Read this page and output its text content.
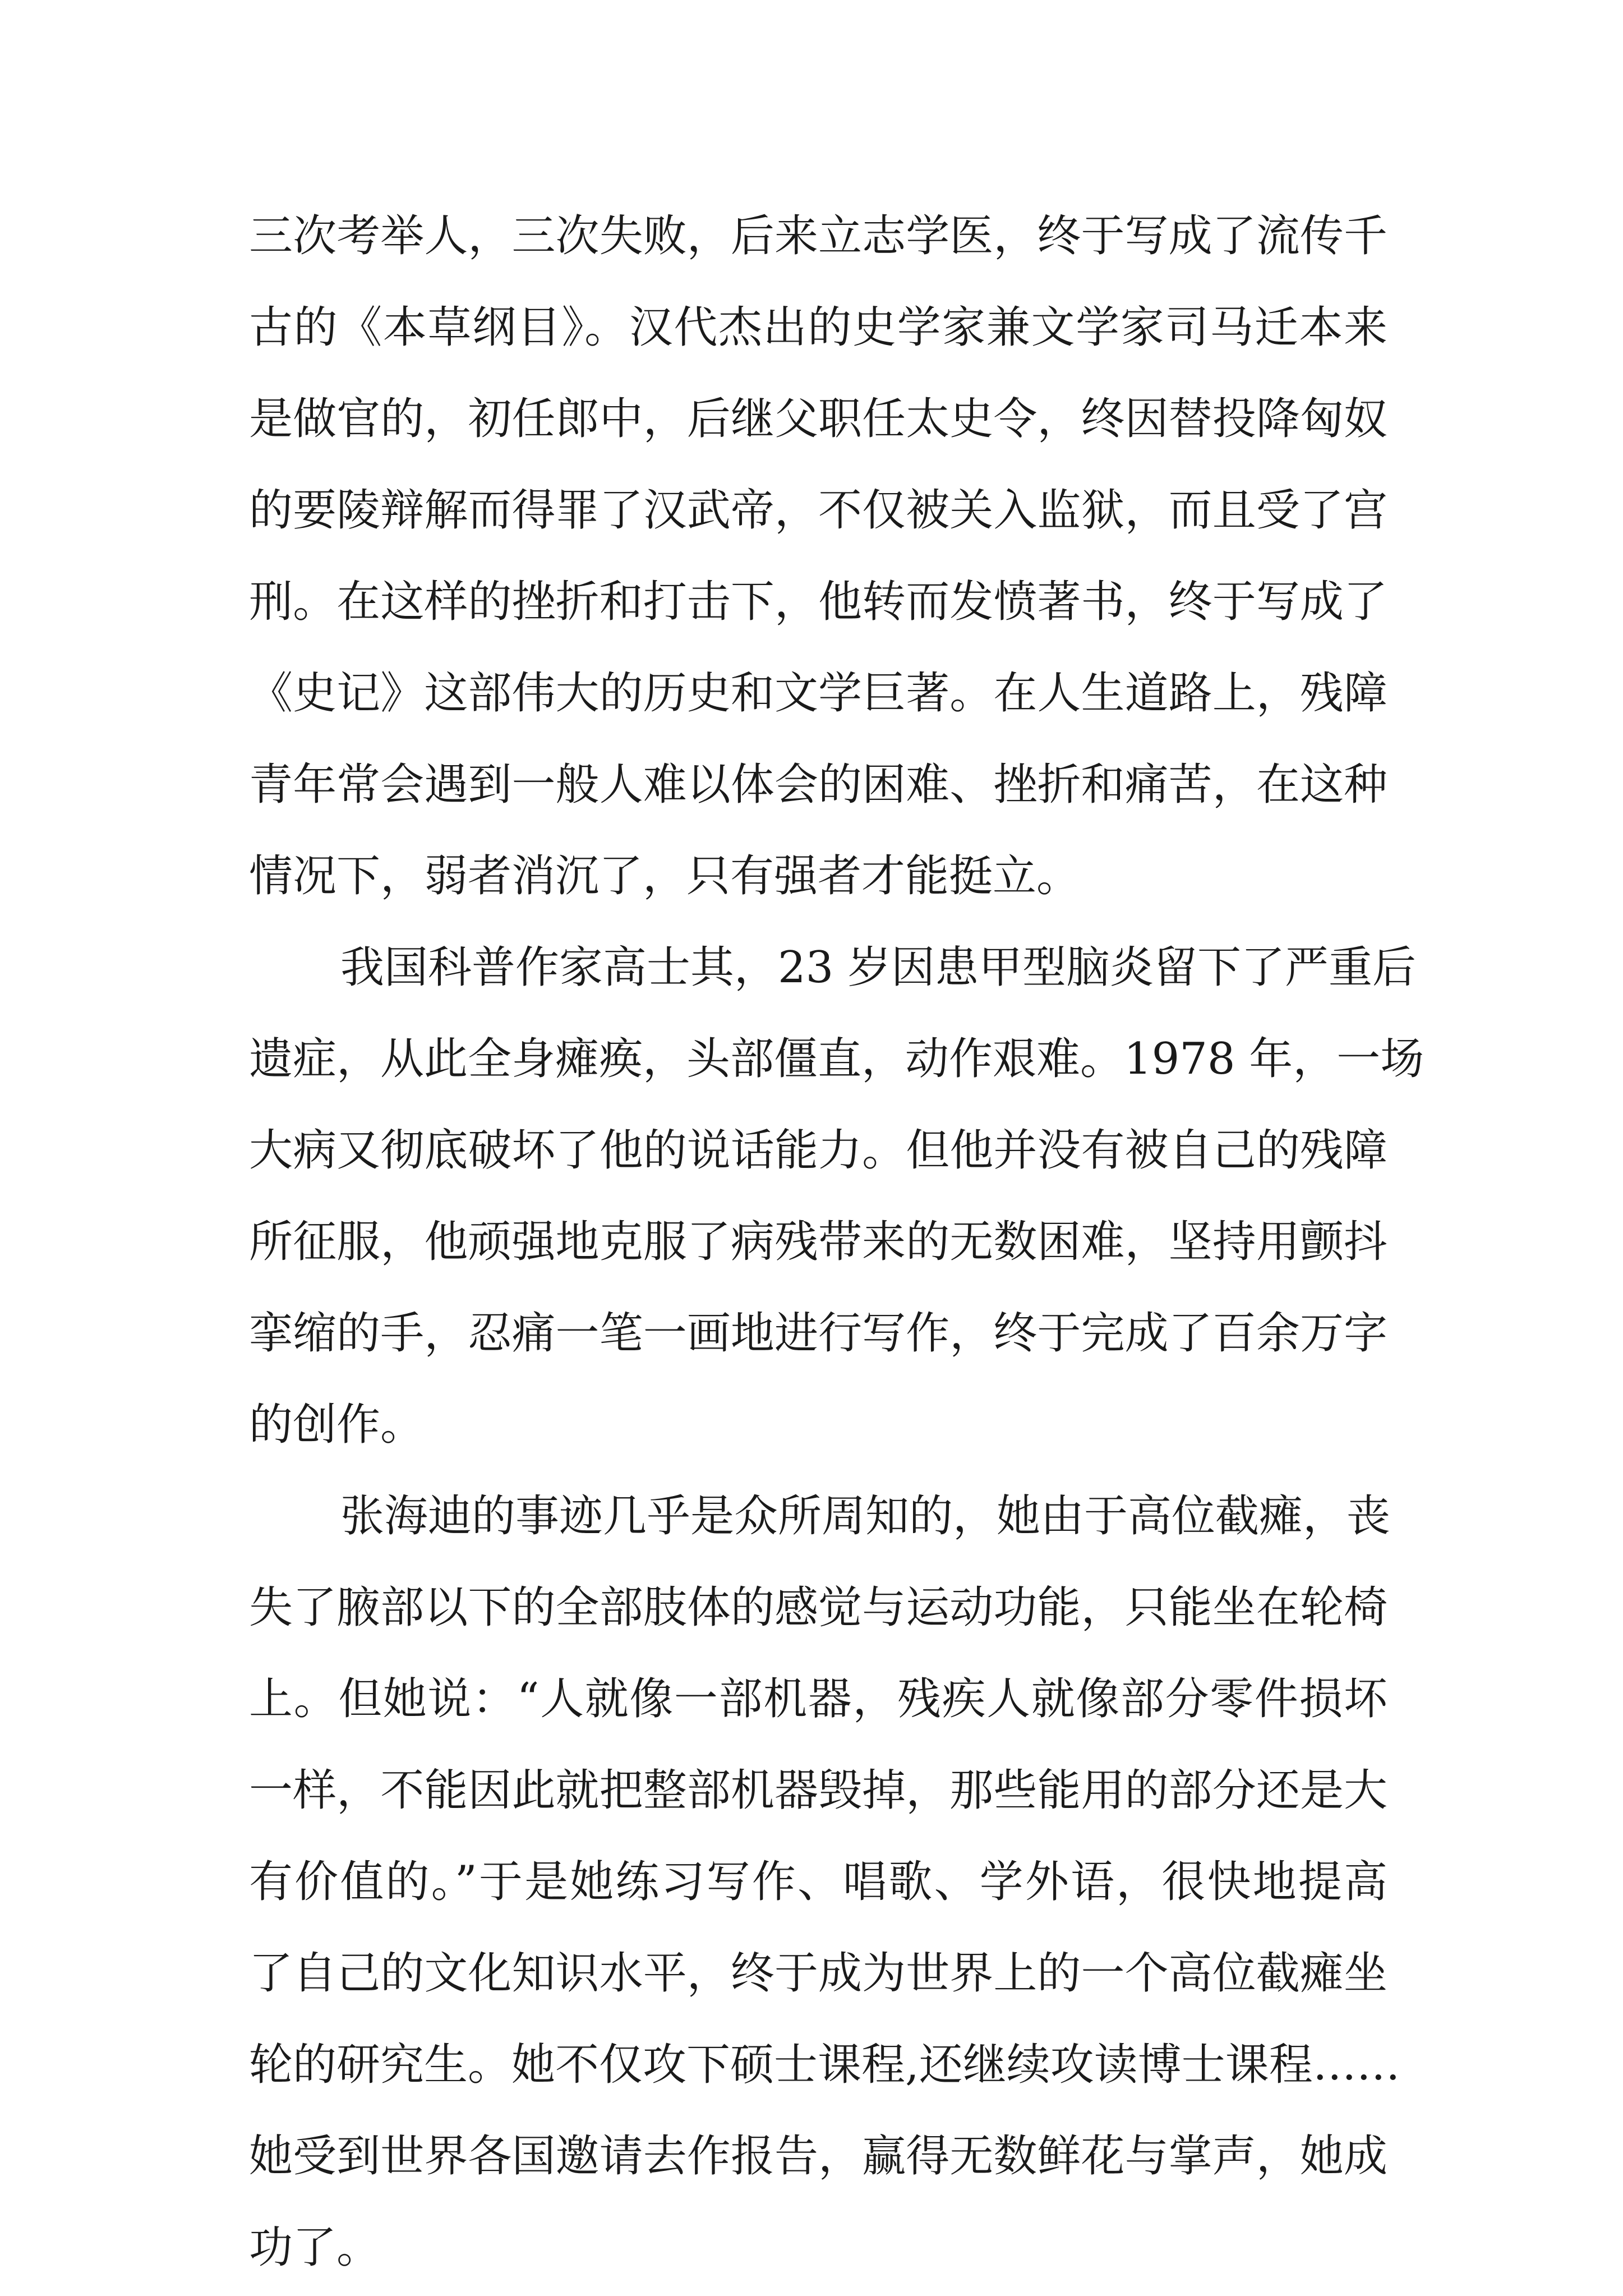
三次考举人，三次失败，后来立志学医，终于写成了流传千
古的《本草纲目》。汉代杰出的史学家兼文学家司马迁本来
是做官的，初任郎中，后继父职任太史令，终因替投降匈奴
的要陵辩解而得罪了汉武帝，不仅被关入监狱，而且受了宫
刑。在这样的挫折和打击下，他转而发愤著书，终于写成了
《史记》这部伟大的历史和文学巨著。在人生道路上，残障
青年常会遇到一般人难以体会的困难、挫折和痛苦，在这种
情况下，弱者消沉了，只有强者才能挺立。
我国科普作家高士其，23 岁因患甲型脑炎留下了严重后
遗症，从此全身瘫痪，头部僵直，动作艰难。1978 年，一场
大病又彻底破坏了他的说话能力。但他并没有被自己的残障
所征服，他顽强地克服了病残带来的无数困难，坚持用颤抖
挛缩的手，忍痛一笔一画地进行写作，终于完成了百余万字
的创作。
张海迪的事迹几乎是众所周知的，她由于高位截瘫，丧
失了腋部以下的全部肢体的感觉与运动功能，只能坐在轮椅
上。但她说：“人就像一部机器，残疾人就像部分零件损坏
一样，不能因此就把整部机器毁掉，那些能用的部分还是大
有价值的。”于是她练习写作、唱歌、学外语，很快地提高
了自己的文化知识水平，终于成为世界上的一个高位截瘫坐
轮的研究生。她不仅攻下硕士课程,还继续攻读博士课程……
她受到世界各国邀请去作报告，赢得无数鲜花与掌声，她成
功了。
